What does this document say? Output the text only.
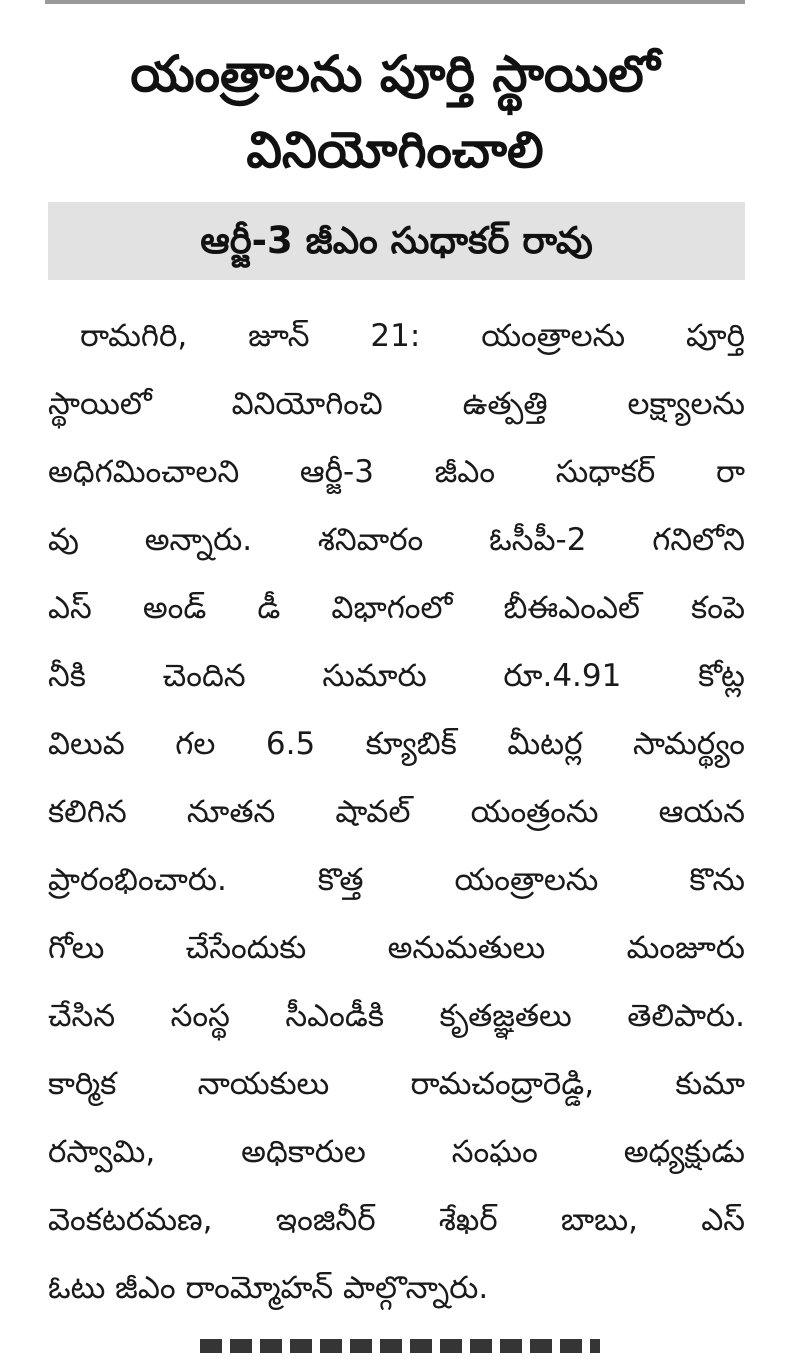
యంత్రాలను పూర్తి స్థాయిలో
వినియోగించాలి
ఆర్జీ-3 జీఎం సుధాకర్ రావు
రామగిరి, జూన్ 21: యంత్రాలను పూర్తి
స్థాయిలో వినియోగించి ఉత్పత్తి లక్ష్యాలను
అధిగమించాలని ఆర్జీ-3 జీఎం సుధాకర్ రా
వు అన్నారు. శనివారం ఓసీపీ-2 గనిలోని
ఎస్ అండ్ డీ విభాగంలో బీఈఎంఎల్ కంపె
నీకి చెందిన సుమారు రూ.4.91 కోట్ల
విలువ గల 6.5 క్యూబిక్ మీటర్ల సామర్థ్యం
కలిగిన నూతన షావల్ యంత్రంను ఆయన
ప్రారంభించారు. కొత్త యంత్రాలను కొను
గోలు చేసేందుకు అనుమతులు మంజూరు
చేసిన సంస్థ సీఎండీకి కృతజ్ఞతలు తెలిపారు.
కార్మిక నాయకులు రామచంద్రారెడ్డి, కుమా
రస్వామి, అధికారుల సంఘం అధ్యక్షుడు
వెంకటరమణ, ఇంజినీర్ శేఖర్ బాబు, ఎస్
ఓటు జీఎం రాంమ్మోహన్ పాల్గొన్నారు.
